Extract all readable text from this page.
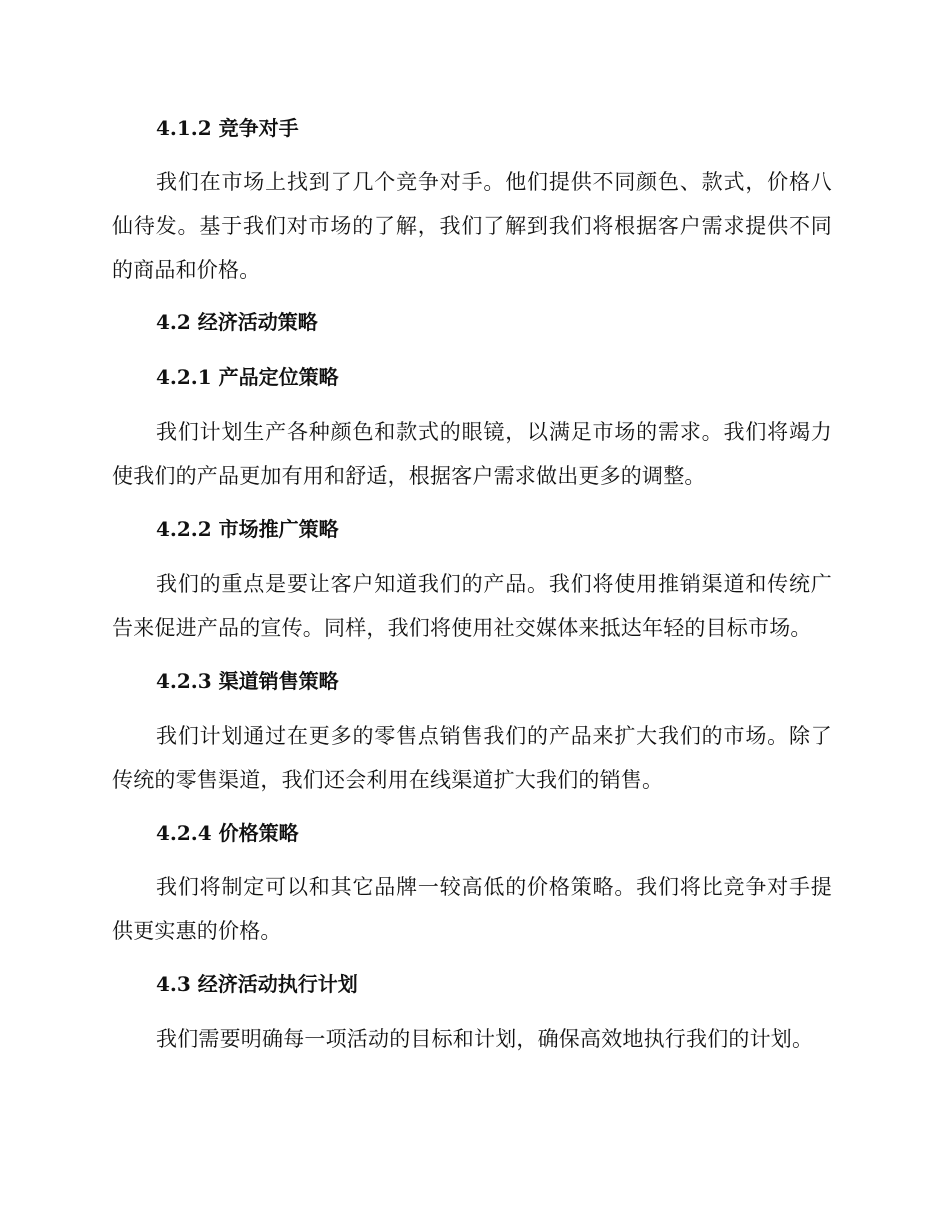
4.1.2 竞争对手
我们在市场上找到了几个竞争对手。他们提供不同颜色、款式，价格八仙待发。基于我们对市场的了解，我们了解到我们将根据客户需求提供不同的商品和价格。
4.2 经济活动策略
4.2.1 产品定位策略
我们计划生产各种颜色和款式的眼镜，以满足市场的需求。我们将竭力使我们的产品更加有用和舒适，根据客户需求做出更多的调整。
4.2.2 市场推广策略
我们的重点是要让客户知道我们的产品。我们将使用推销渠道和传统广告来促进产品的宣传。同样，我们将使用社交媒体来抵达年轻的目标市场。
4.2.3 渠道销售策略
我们计划通过在更多的零售点销售我们的产品来扩大我们的市场。除了传统的零售渠道，我们还会利用在线渠道扩大我们的销售。
4.2.4 价格策略
我们将制定可以和其它品牌一较高低的价格策略。我们将比竞争对手提供更实惠的价格。
4.3 经济活动执行计划
我们需要明确每一项活动的目标和计划，确保高效地执行我们的计划。
